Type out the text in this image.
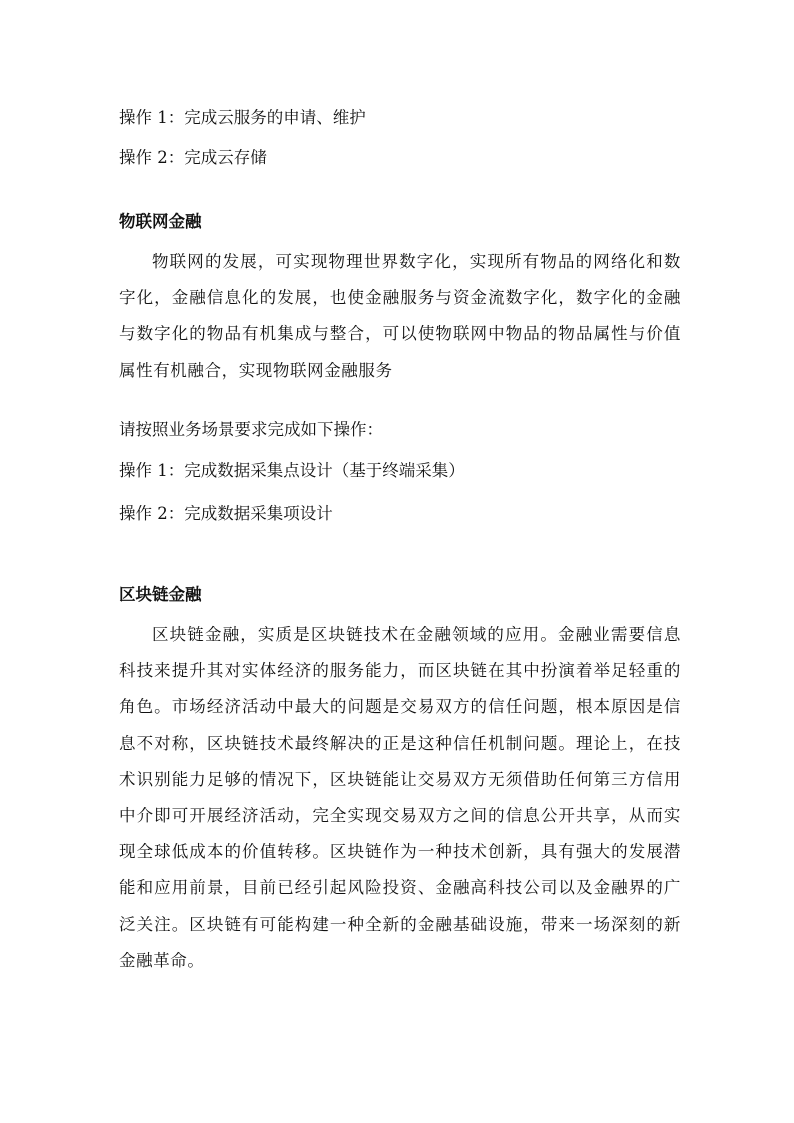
操作 1：完成云服务的申请、维护
操作 2：完成云存储
物联网金融
物联网的发展，可实现物理世界数字化，实现所有物品的网络化和数字化，金融信息化的发展，也使金融服务与资金流数字化，数字化的金融与数字化的物品有机集成与整合，可以使物联网中物品的物品属性与价值属性有机融合，实现物联网金融服务
请按照业务场景要求完成如下操作：
操作 1：完成数据采集点设计（基于终端采集）
操作 2：完成数据采集项设计
区块链金融
区块链金融，实质是区块链技术在金融领域的应用。金融业需要信息科技来提升其对实体经济的服务能力，而区块链在其中扮演着举足轻重的角色。市场经济活动中最大的问题是交易双方的信任问题，根本原因是信息不对称，区块链技术最终解决的正是这种信任机制问题。理论上，在技术识别能力足够的情况下，区块链能让交易双方无须借助任何第三方信用中介即可开展经济活动，完全实现交易双方之间的信息公开共享，从而实现全球低成本的价值转移。区块链作为一种技术创新，具有强大的发展潜能和应用前景，目前已经引起风险投资、金融高科技公司以及金融界的广泛关注。区块链有可能构建一种全新的金融基础设施，带来一场深刻的新金融革命。
